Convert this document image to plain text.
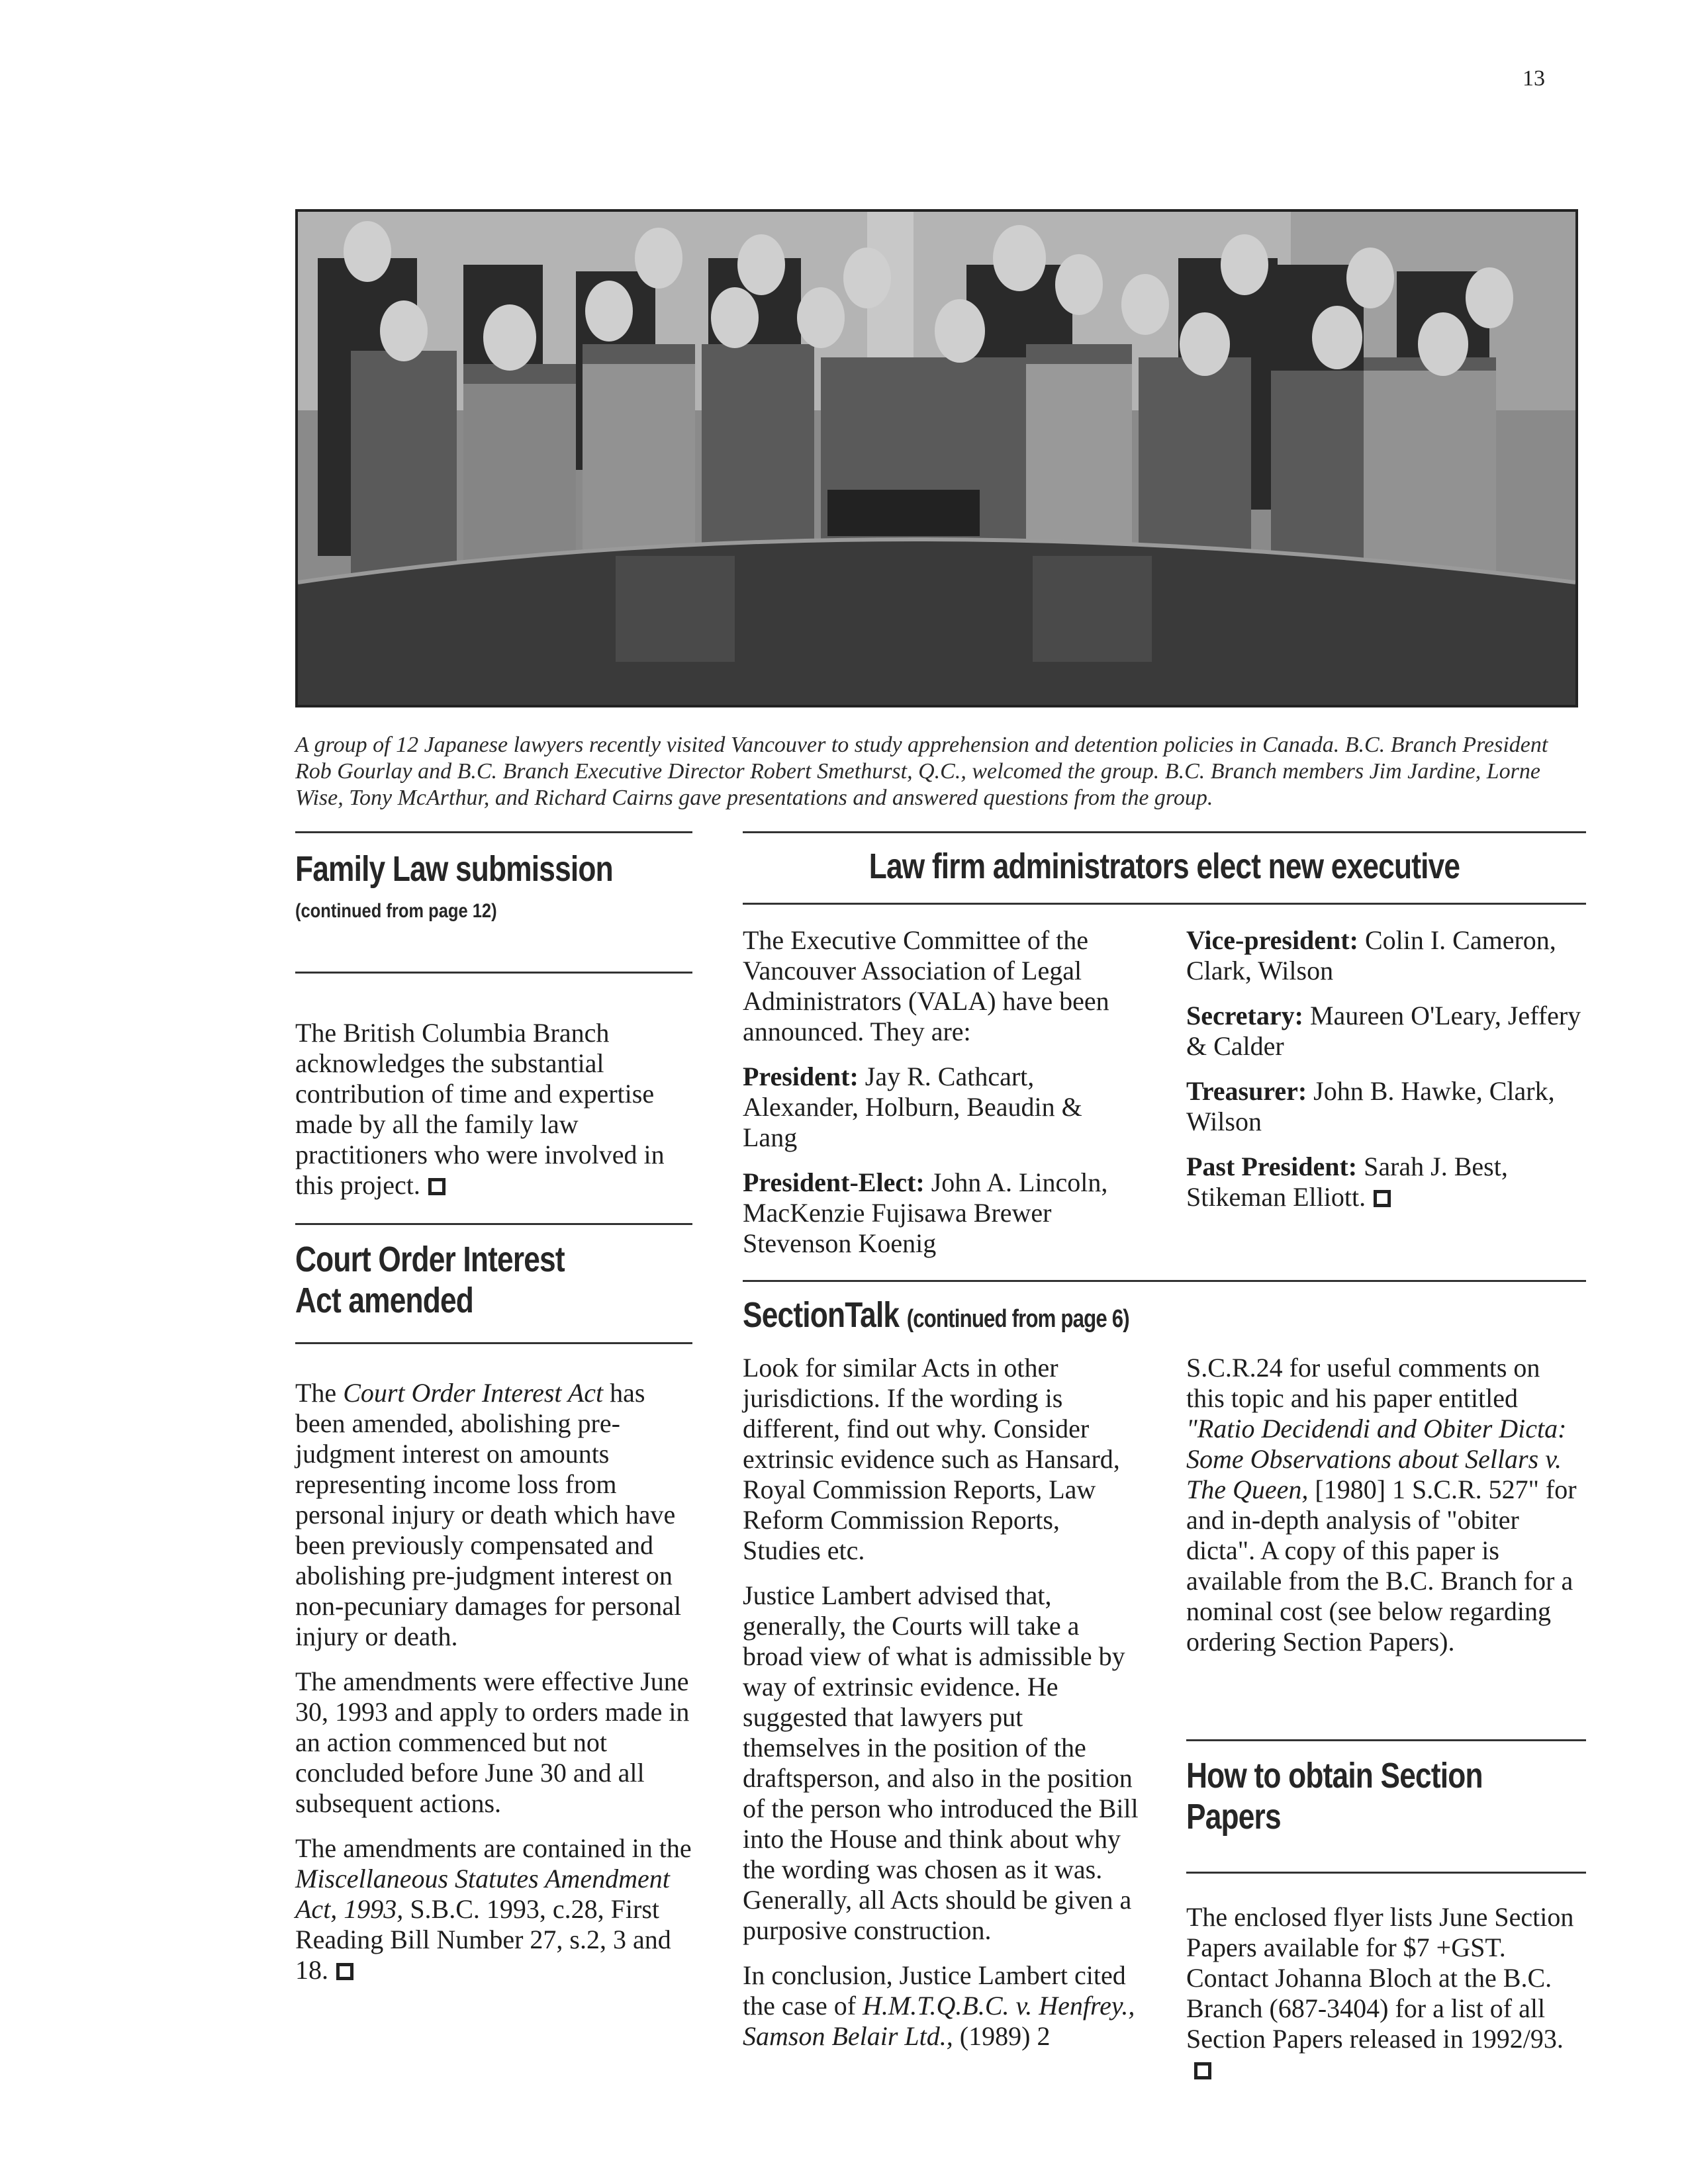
13
A group of 12 Japanese lawyers recently visited Vancouver to study apprehension and detention policies in Canada. B.C. Branch President Rob Gourlay and B.C. Branch Executive Director Robert Smethurst, Q.C., welcomed the group. B.C. Branch members Jim Jardine, Lorne Wise, Tony McArthur, and Richard Cairns gave presentations and answered questions from the group.
Family Law submission
(continued from page 12)

The British Columbia Branch acknowledges the substantial contribution of time and expertise made by all the family law practitioners who were involved in this project.

Court Order Interest Act amended

The Court Order Interest Act has been amended, abolishing pre-judgment interest on amounts representing income loss from personal injury or death which have been previously compensated and abolishing pre-judgment interest on non-pecuniary damages for personal injury or death.

The amendments were effective June 30, 1993 and apply to orders made in an action commenced but not concluded before June 30 and all subsequent actions.

The amendments are contained in the Miscellaneous Statutes Amendment Act, 1993, S.B.C. 1993, c.28, First Reading Bill Number 27, s.2, 3 and 18.

Law firm administrators elect new executive

The Executive Committee of the Vancouver Association of Legal Administrators (VALA) have been announced. They are:

President: Jay R. Cathcart, Alexander, Holburn, Beaudin & Lang

President-Elect: John A. Lincoln, MacKenzie Fujisawa Brewer Stevenson Koenig

Vice-president: Colin I. Cameron, Clark, Wilson

Secretary: Maureen O'Leary, Jeffery & Calder

Treasurer: John B. Hawke, Clark, Wilson

Past President: Sarah J. Best, Stikeman Elliott.

SectionTalk (continued from page 6)

Look for similar Acts in other jurisdictions. If the wording is different, find out why. Consider extrinsic evidence such as Hansard, Royal Commission Reports, Law Reform Commission Reports, Studies etc.

Justice Lambert advised that, generally, the Courts will take a broad view of what is admissible by way of extrinsic evidence. He suggested that lawyers put themselves in the position of the draftsperson, and also in the position of the person who introduced the Bill into the House and think about why the wording was chosen as it was. Generally, all Acts should be given a purposive construction.

In conclusion, Justice Lambert cited the case of H.M.T.Q.B.C. v. Henfrey., Samson Belair Ltd., (1989) 2

How to obtain Section Papers

The enclosed flyer lists June Section Papers available for $7 +GST. Contact Johanna Bloch at the B.C. Branch (687-3404) for a list of all Section Papers released in 1992/93.

S.C.R.24 for useful comments on this topic and his paper entitled "Ratio Decidendi and Obiter Dicta: Some Observations about Sellars v. The Queen, [1980] 1 S.C.R. 527" for and in-depth analysis of "obiter dicta". A copy of this paper is available from the B.C. Branch for a nominal cost (see below regarding ordering Section Papers).
